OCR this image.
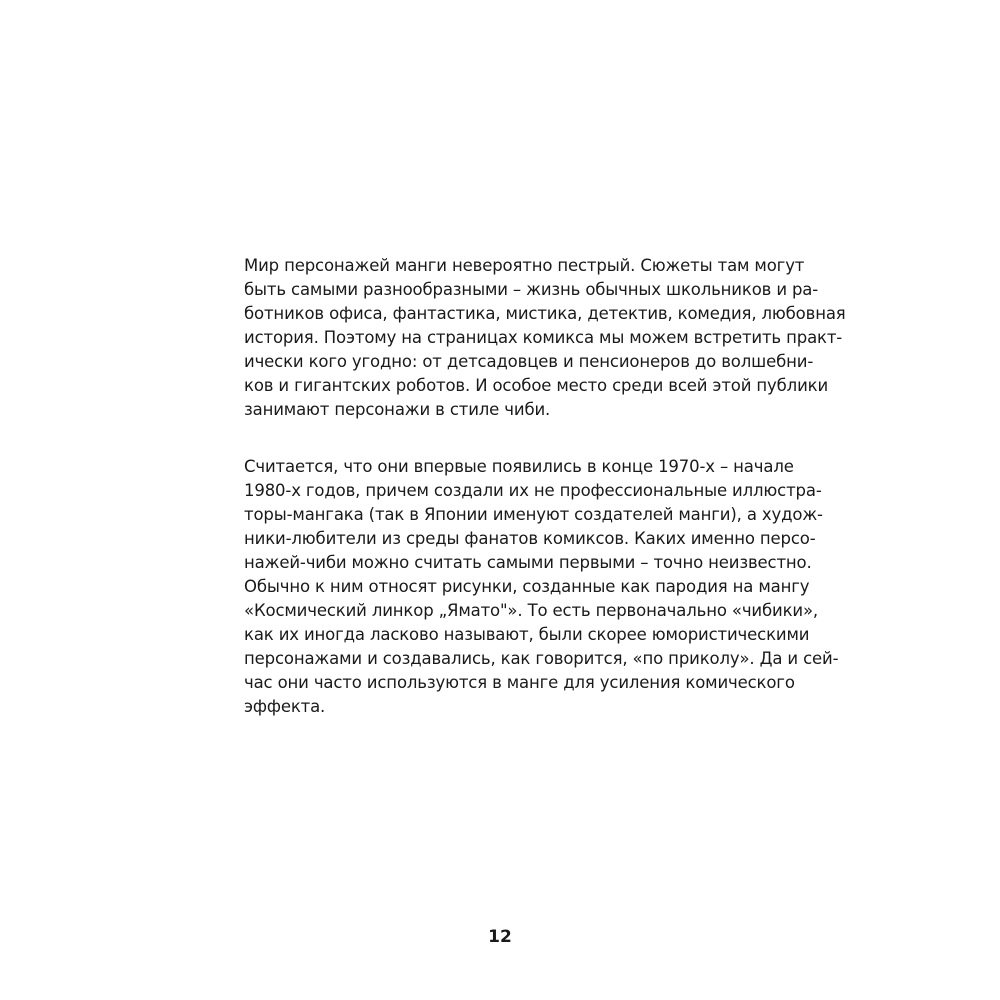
Мир персонажей манги невероятно пестрый. Сюжеты там могут
быть самыми разнообразными – жизнь обычных школьников и ра-
ботников офиса, фантастика, мистика, детектив, комедия, любовная
история. Поэтому на страницах комикса мы можем встретить практ-
ически кого угодно: от детсадовцев и пенсионеров до волшебни-
ков и гигантских роботов. И особое место среди всей этой публики
занимают персонажи в стиле чиби.

Считается, что они впервые появились в конце 1970-х – начале
1980-х годов, причем создали их не профессиональные иллюстра-
торы-мангака (так в Японии именуют создателей манги), а худож-
ники-любители из среды фанатов комиксов. Каких именно персо-
нажей-чиби можно считать самыми первыми – точно неизвестно.
Обычно к ним относят рисунки, созданные как пародия на мангу
«Космический линкор „Ямато"». То есть первоначально «чибики»,
как их иногда ласково называют, были скорее юмористическими
персонажами и создавались, как говорится, «по приколу». Да и сей-
час они часто используются в манге для усиления комического
эффекта.

12
